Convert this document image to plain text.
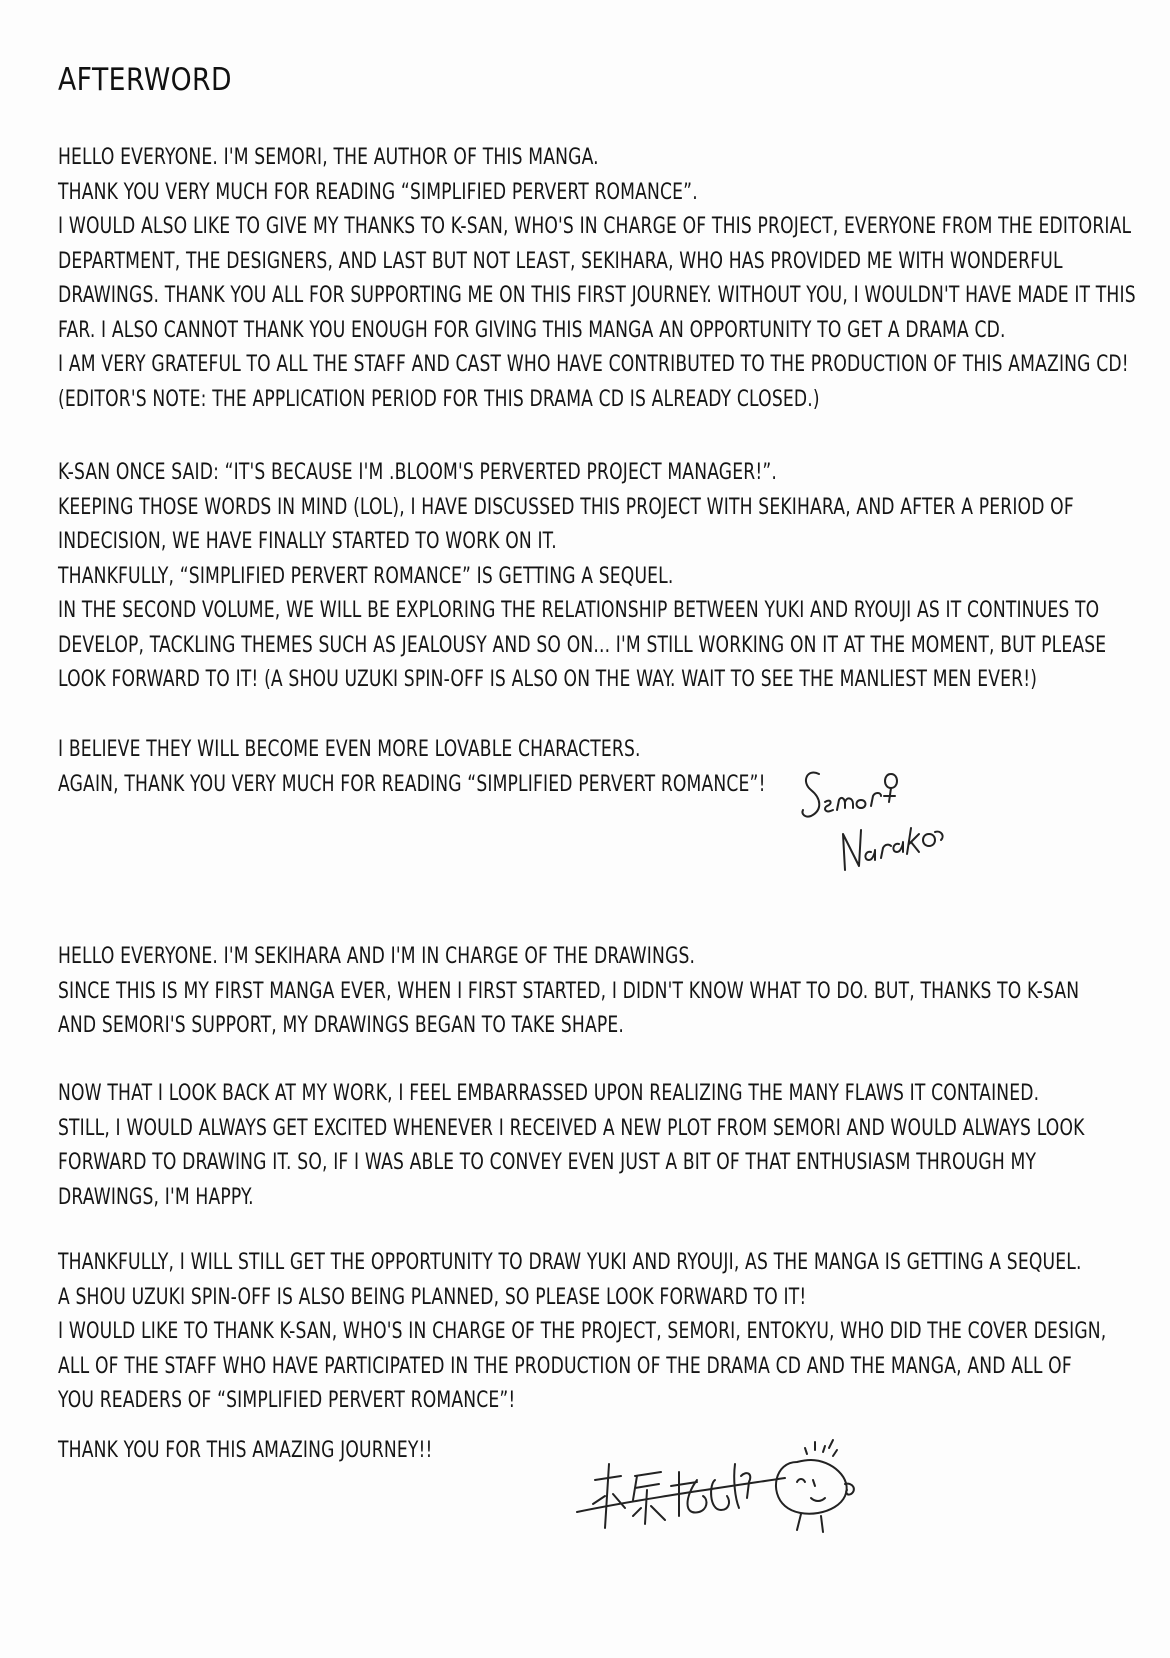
AFTERWORD
HELLO EVERYONE. I'M SEMORI, THE AUTHOR OF THIS MANGA.
THANK YOU VERY MUCH FOR READING “SIMPLIFIED PERVERT ROMANCE”.
I WOULD ALSO LIKE TO GIVE MY THANKS TO K-SAN, WHO'S IN CHARGE OF THIS PROJECT, EVERYONE FROM THE EDITORIAL
DEPARTMENT, THE DESIGNERS, AND LAST BUT NOT LEAST, SEKIHARA, WHO HAS PROVIDED ME WITH WONDERFUL
DRAWINGS. THANK YOU ALL FOR SUPPORTING ME ON THIS FIRST JOURNEY. WITHOUT YOU, I WOULDN'T HAVE MADE IT THIS
FAR. I ALSO CANNOT THANK YOU ENOUGH FOR GIVING THIS MANGA AN OPPORTUNITY TO GET A DRAMA CD.
I AM VERY GRATEFUL TO ALL THE STAFF AND CAST WHO HAVE CONTRIBUTED TO THE PRODUCTION OF THIS AMAZING CD!
(EDITOR'S NOTE: THE APPLICATION PERIOD FOR THIS DRAMA CD IS ALREADY CLOSED.)
K-SAN ONCE SAID: “IT'S BECAUSE I'M .BLOOM'S PERVERTED PROJECT MANAGER!”.
KEEPING THOSE WORDS IN MIND (LOL), I HAVE DISCUSSED THIS PROJECT WITH SEKIHARA, AND AFTER A PERIOD OF
INDECISION, WE HAVE FINALLY STARTED TO WORK ON IT.
THANKFULLY, “SIMPLIFIED PERVERT ROMANCE” IS GETTING A SEQUEL.
IN THE SECOND VOLUME, WE WILL BE EXPLORING THE RELATIONSHIP BETWEEN YUKI AND RYOUJI AS IT CONTINUES TO
DEVELOP, TACKLING THEMES SUCH AS JEALOUSY AND SO ON... I'M STILL WORKING ON IT AT THE MOMENT, BUT PLEASE
LOOK FORWARD TO IT! (A SHOU UZUKI SPIN-OFF IS ALSO ON THE WAY. WAIT TO SEE THE MANLIEST MEN EVER!)
I BELIEVE THEY WILL BECOME EVEN MORE LOVABLE CHARACTERS.
AGAIN, THANK YOU VERY MUCH FOR READING “SIMPLIFIED PERVERT ROMANCE”!
HELLO EVERYONE. I'M SEKIHARA AND I'M IN CHARGE OF THE DRAWINGS.
SINCE THIS IS MY FIRST MANGA EVER, WHEN I FIRST STARTED, I DIDN'T KNOW WHAT TO DO. BUT, THANKS TO K-SAN
AND SEMORI'S SUPPORT, MY DRAWINGS BEGAN TO TAKE SHAPE.
NOW THAT I LOOK BACK AT MY WORK, I FEEL EMBARRASSED UPON REALIZING THE MANY FLAWS IT CONTAINED.
STILL, I WOULD ALWAYS GET EXCITED WHENEVER I RECEIVED A NEW PLOT FROM SEMORI AND WOULD ALWAYS LOOK
FORWARD TO DRAWING IT. SO, IF I WAS ABLE TO CONVEY EVEN JUST A BIT OF THAT ENTHUSIASM THROUGH MY
DRAWINGS, I'M HAPPY.
THANKFULLY, I WILL STILL GET THE OPPORTUNITY TO DRAW YUKI AND RYOUJI, AS THE MANGA IS GETTING A SEQUEL.
A SHOU UZUKI SPIN-OFF IS ALSO BEING PLANNED, SO PLEASE LOOK FORWARD TO IT!
I WOULD LIKE TO THANK K-SAN, WHO'S IN CHARGE OF THE PROJECT, SEMORI, ENTOKYU, WHO DID THE COVER DESIGN,
ALL OF THE STAFF WHO HAVE PARTICIPATED IN THE PRODUCTION OF THE DRAMA CD AND THE MANGA, AND ALL OF
YOU READERS OF “SIMPLIFIED PERVERT ROMANCE”!
THANK YOU FOR THIS AMAZING JOURNEY!!
